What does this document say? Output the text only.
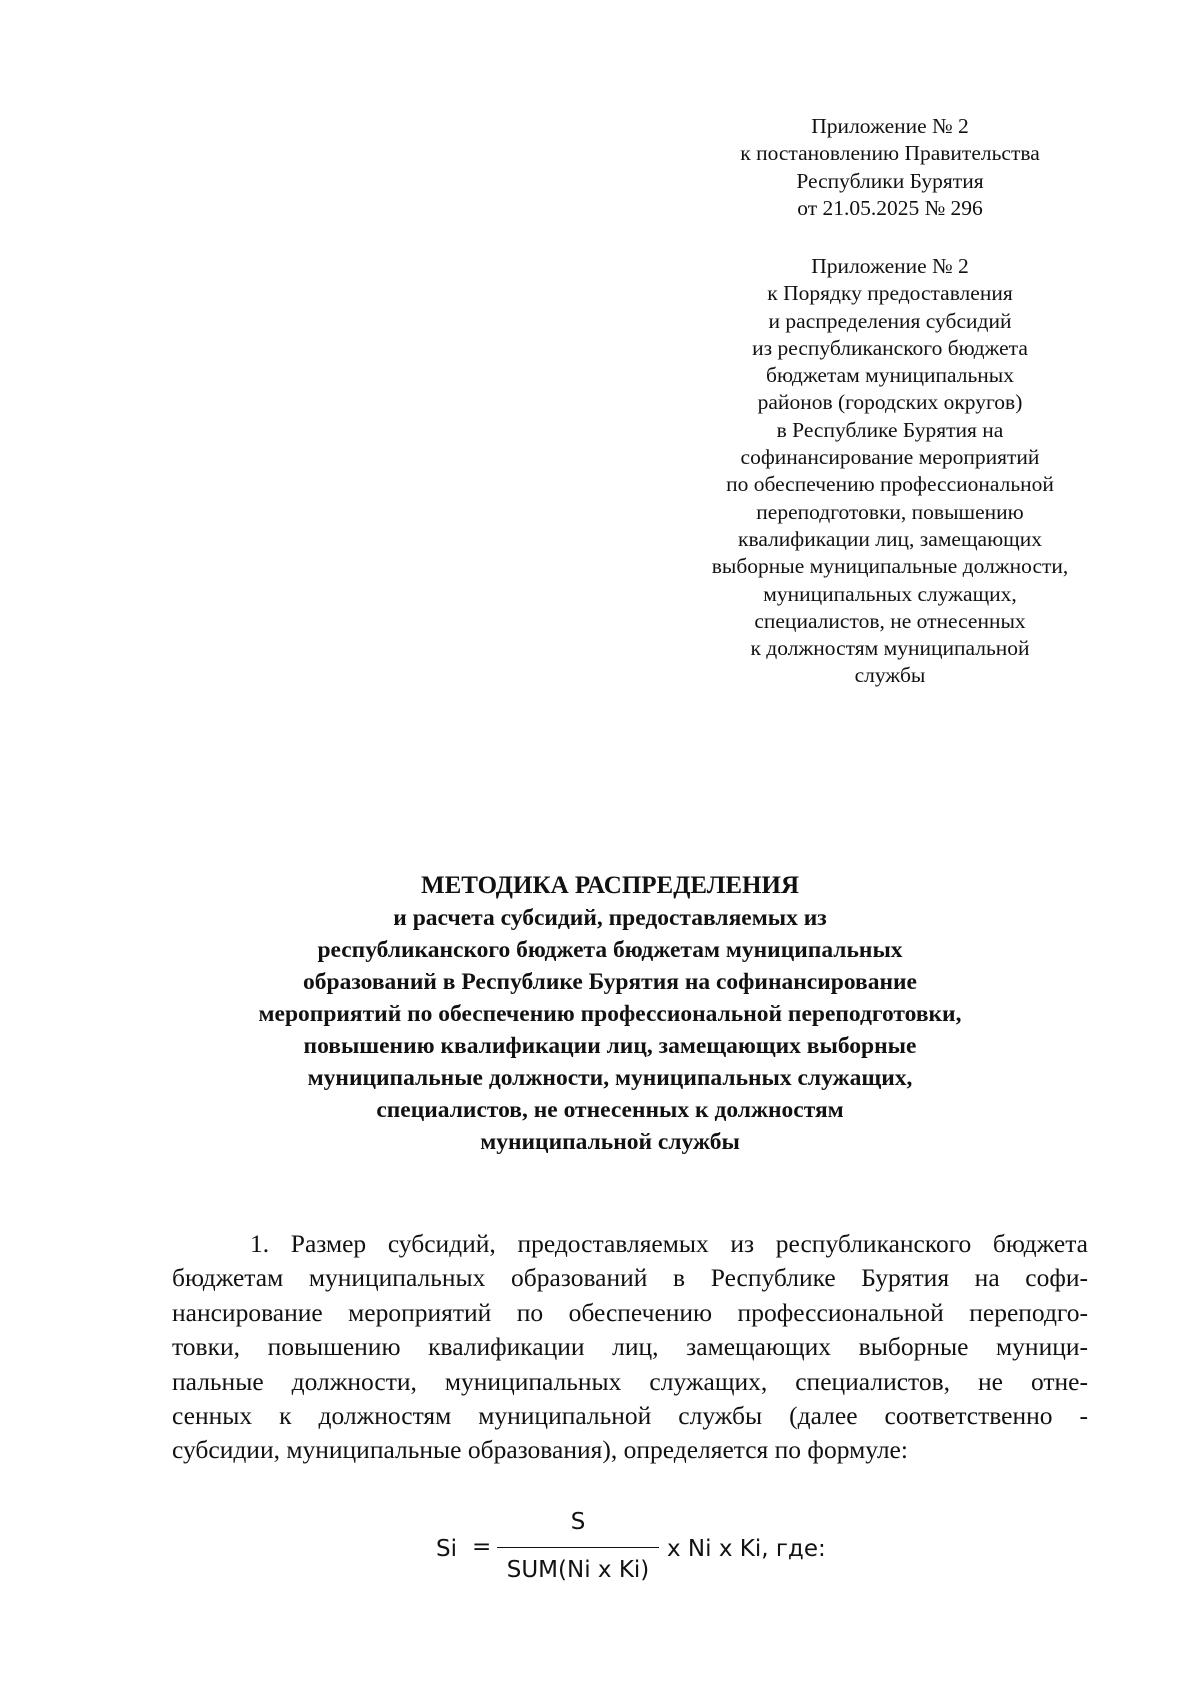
Приложение № 2
к постановлению Правительства
Республики Бурятия
от 21.05.2025 № 296
Приложение № 2
к Порядку предоставления
и распределения субсидий
из республиканского бюджета
бюджетам муниципальных
районов (городских округов)
в Республике Бурятия на
софинансирование мероприятий
по обеспечению профессиональной
переподготовки, повышению
квалификации лиц, замещающих
выборные муниципальные должности,
муниципальных служащих,
специалистов, не отнесенных
к должностям муниципальной
службы
МЕТОДИКА РАСПРЕДЕЛЕНИЯ
и расчета субсидий, предоставляемых из
республиканского бюджета бюджетам муниципальных
образований в Республике Бурятия на софинансирование
мероприятий по обеспечению профессиональной переподготовки,
повышению квалификации лиц, замещающих выборные
муниципальные должности, муниципальных служащих,
специалистов, не отнесенных к должностям
муниципальной службы
1. Размер субсидий, предоставляемых из республиканского бюджета
бюджетам муниципальных образований в Республике Бурятия на софи-
нансирование мероприятий по обеспечению профессиональной переподго-
товки, повышению квалификации лиц, замещающих выборные муници-
пальные должности, муниципальных служащих, специалистов, не отне-
сенных к должностям муниципальной службы (далее соответственно -
субсидии, муниципальные образования), определяется по формуле:
Si =
S
SUM(Ni x Ki)
x Ni x Ki, где:
